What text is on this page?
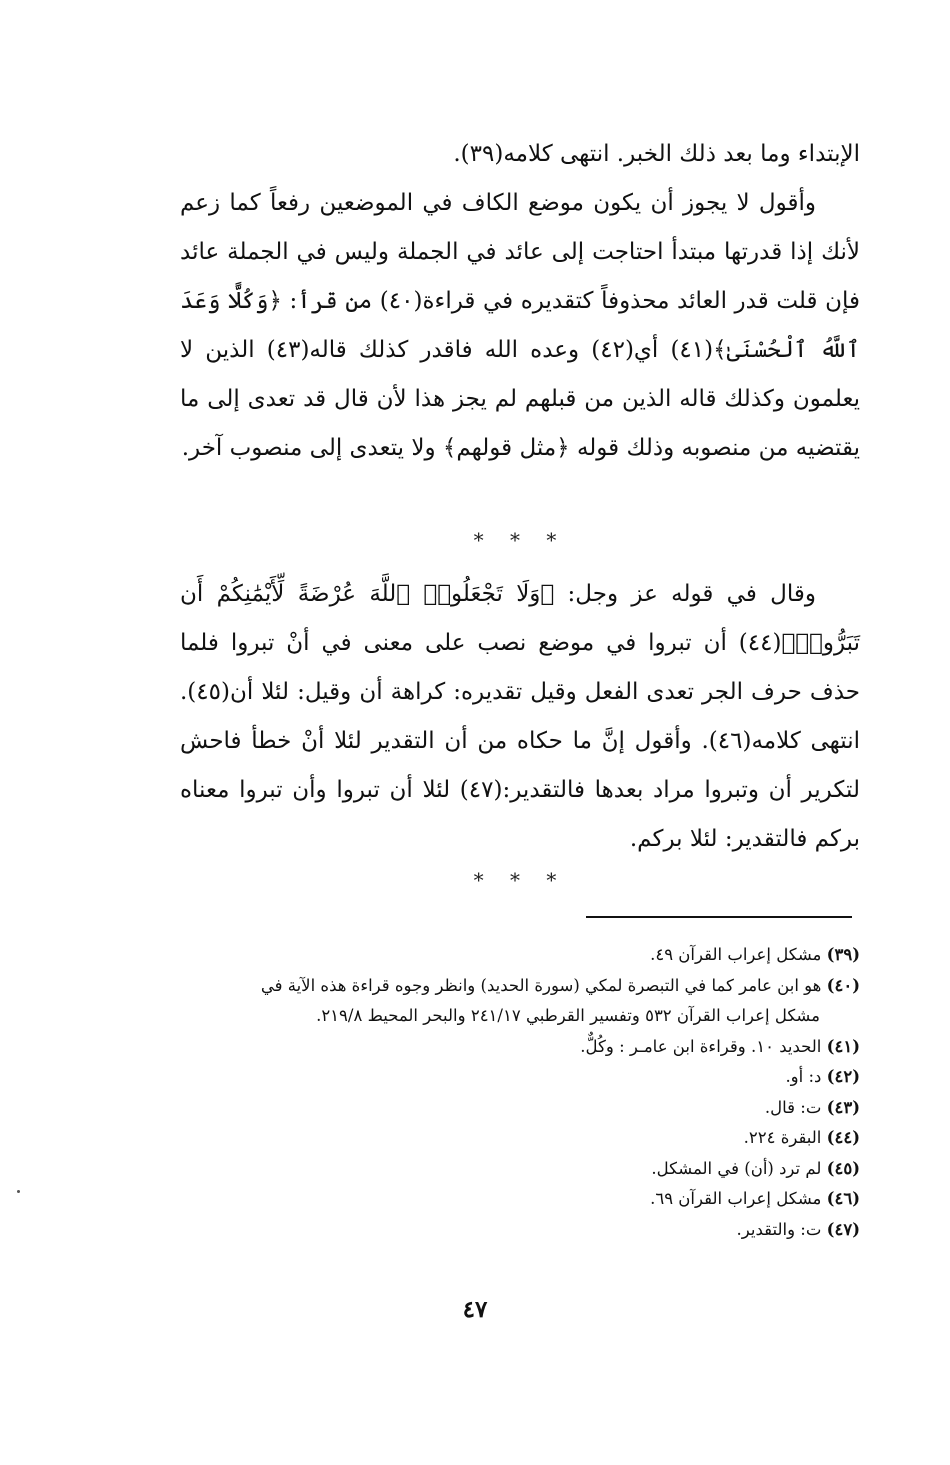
الإبتداء وما بعد ذلك الخبر. انتهى كلامه(٣٩).

وأقول لا يجوز أن يكون موضع الكاف في الموضعين رفعاً كما زعم لأنك إذا قدرتها مبتدأ احتاجت إلى عائد في الجملة وليس في الجملة عائد فإن قلت قدر العائد محذوفاً كتقديره في قراءة(٤٠) من قرأ: ﴿وَكُلًّا وَعَدَ ٱللَّهُ ٱلْحُسْنَىٰ﴾(٤١) أي(٤٢) وعده الله فاقدر كذلك قاله(٤٣) الذين لا يعلمون وكذلك قاله الذين من قبلهم لم يجز هذا لأن قال قد تعدى إلى ما يقتضيه من منصوبه وذلك قوله ﴿مثل قولهم﴾ ولا يتعدى إلى منصوب آخر.

* * *

وقال في قوله عز وجل: ﴿وَلَا تَجْعَلُوا۟ ٱللَّهَ عُرْضَةً لِّأَيْمَٰنِكُمْ أَن تَبَرُّوا۟﴾(٤٤) أن تبروا في موضع نصب على معنى في أنْ تبروا فلما حذف حرف الجر تعدى الفعل وقيل تقديره: كراهة أن وقيل: لئلا أن(٤٥). انتهى كلامه(٤٦). وأقول إنَّ ما حكاه من أن التقدير لئلا أنْ خطأ فاحش لتكرير أن وتبروا مراد بعدها فالتقدير:(٤٧) لئلا أن تبروا وأن تبروا معناه بركم فالتقدير: لئلا بركم.

* * *

(٣٩) مشكل إعراب القرآن ٤٩.

(٤٠) هو ابن عامر كما في التبصرة لمكي (سورة الحديد) وانظر وجوه قراءة هذه الآية في

مشكل إعراب القرآن ٥٣٢ وتفسير القرطبي ٢٤١/١٧ والبحر المحيط ٢١٩/٨.

(٤١) الحديد ١٠. وقراءة ابن عامـر : وكُلٌّ.

(٤٢) د: أو.

(٤٣) ت: قال.

(٤٤) البقرة ٢٢٤.

(٤٥) لم ترد (أن) في المشكل.

(٤٦) مشكل إعراب القرآن ٦٩.

(٤٧) ت: والتقدير.

٤٧
